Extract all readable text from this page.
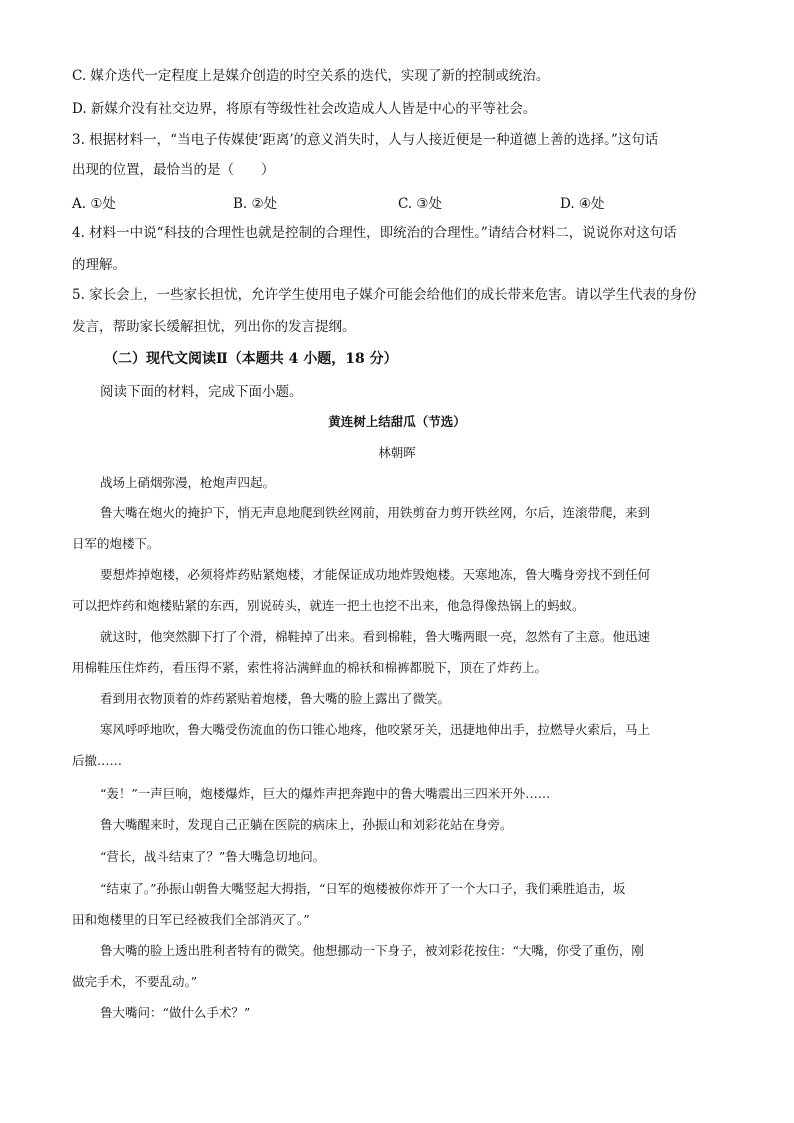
C. 媒介迭代一定程度上是媒介创造的时空关系的迭代，实现了新的控制或统治。
D. 新媒介没有社交边界，将原有等级性社会改造成人人皆是中心的平等社会。
3. 根据材料一，“当电子传媒使‘距离’的意义消失时，人与人接近便是一种道德上善的选择。”这句话
出现的位置，最恰当的是（　　）
A. ①处	B. ②处	C. ③处	D. ④处
4. 材料一中说“科技的合理性也就是控制的合理性，即统治的合理性。”请结合材料二，说说你对这句话
的理解。
5. 家长会上，一些家长担忧，允许学生使用电子媒介可能会给他们的成长带来危害。请以学生代表的身份
发言，帮助家长缓解担忧，列出你的发言提纲。
（二）现代文阅读Ⅱ（本题共 4 小题，18 分）
阅读下面的材料，完成下面小题。
黄连树上结甜瓜（节选）
林朝晖
战场上硝烟弥漫，枪炮声四起。
鲁大嘴在炮火的掩护下，悄无声息地爬到铁丝网前，用铁剪奋力剪开铁丝网，尔后，连滚带爬，来到
日军的炮楼下。
要想炸掉炮楼，必须将炸药贴紧炮楼，才能保证成功地炸毁炮楼。天寒地冻，鲁大嘴身旁找不到任何
可以把炸药和炮楼贴紧的东西，别说砖头，就连一把土也挖不出来，他急得像热锅上的蚂蚁。
就这时，他突然脚下打了个滑，棉鞋掉了出来。看到棉鞋，鲁大嘴两眼一亮，忽然有了主意。他迅速
用棉鞋压住炸药，看压得不紧，索性将沾满鲜血的棉袄和棉裤都脱下，顶在了炸药上。
看到用衣物顶着的炸药紧贴着炮楼，鲁大嘴的脸上露出了微笑。
寒风呼呼地吹，鲁大嘴受伤流血的伤口锥心地疼，他咬紧牙关，迅捷地伸出手，拉燃导火索后，马上
后撤……
“轰！”一声巨响，炮楼爆炸，巨大的爆炸声把奔跑中的鲁大嘴震出三四米开外……
鲁大嘴醒来时，发现自己正躺在医院的病床上，孙振山和刘彩花站在身旁。
“营长，战斗结束了？”鲁大嘴急切地问。
“结束了。”孙振山朝鲁大嘴竖起大拇指，“日军的炮楼被你炸开了一个大口子，我们乘胜追击，坂
田和炮楼里的日军已经被我们全部消灭了。”
鲁大嘴的脸上透出胜利者特有的微笑。他想挪动一下身子，被刘彩花按住：“大嘴，你受了重伤，刚
做完手术，不要乱动。”
鲁大嘴问：“做什么手术？”
